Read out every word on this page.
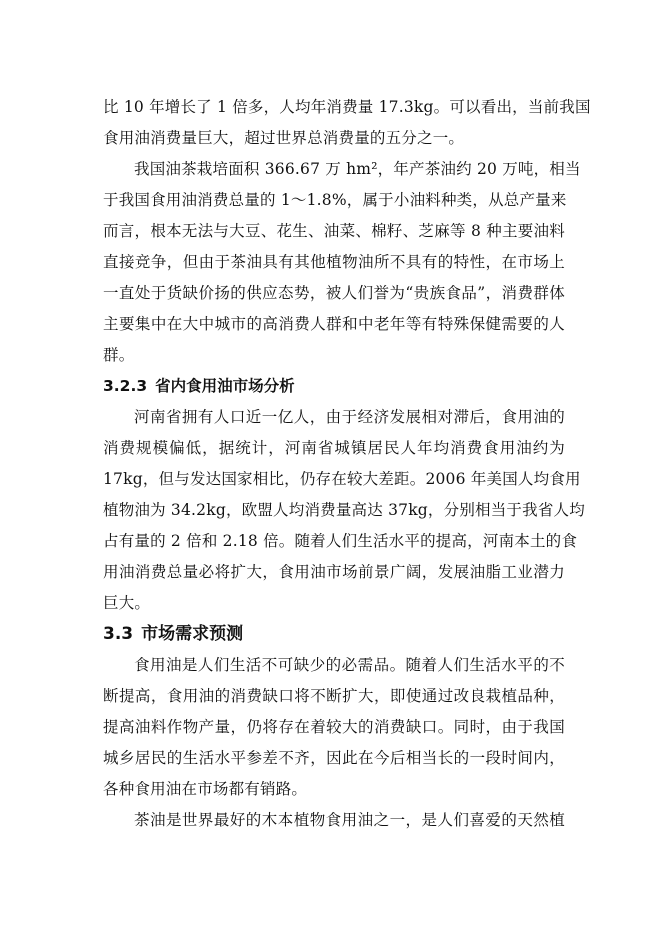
比 10 年增长了 1 倍多，人均年消费量 17.3kg。可以看出，当前我国
食用油消费量巨大，超过世界总消费量的五分之一。
我国油茶栽培面积 366.67 万 hm²，年产茶油约 20 万吨，相当
于我国食用油消费总量的 1～1.8%，属于小油料种类，从总产量来
而言，根本无法与大豆、花生、油菜、棉籽、芝麻等 8 种主要油料
直接竞争，但由于茶油具有其他植物油所不具有的特性，在市场上
一直处于货缺价扬的供应态势，被人们誉为“贵族食品”，消费群体
主要集中在大中城市的高消费人群和中老年等有特殊保健需要的人
群。
3.2.3 省内食用油市场分析
河南省拥有人口近一亿人，由于经济发展相对滞后，食用油的
消费规模偏低，据统计，河南省城镇居民人年均消费食用油约为
17kg，但与发达国家相比，仍存在较大差距。2006 年美国人均食用
植物油为 34.2kg，欧盟人均消费量高达 37kg，分别相当于我省人均
占有量的 2 倍和 2.18 倍。随着人们生活水平的提高，河南本土的食
用油消费总量必将扩大，食用油市场前景广阔，发展油脂工业潜力
巨大。
3.3 市场需求预测
食用油是人们生活不可缺少的必需品。随着人们生活水平的不
断提高，食用油的消费缺口将不断扩大，即使通过改良栽植品种，
提高油料作物产量，仍将存在着较大的消费缺口。同时，由于我国
城乡居民的生活水平参差不齐，因此在今后相当长的一段时间内，
各种食用油在市场都有销路。
茶油是世界最好的木本植物食用油之一，是人们喜爱的天然植
